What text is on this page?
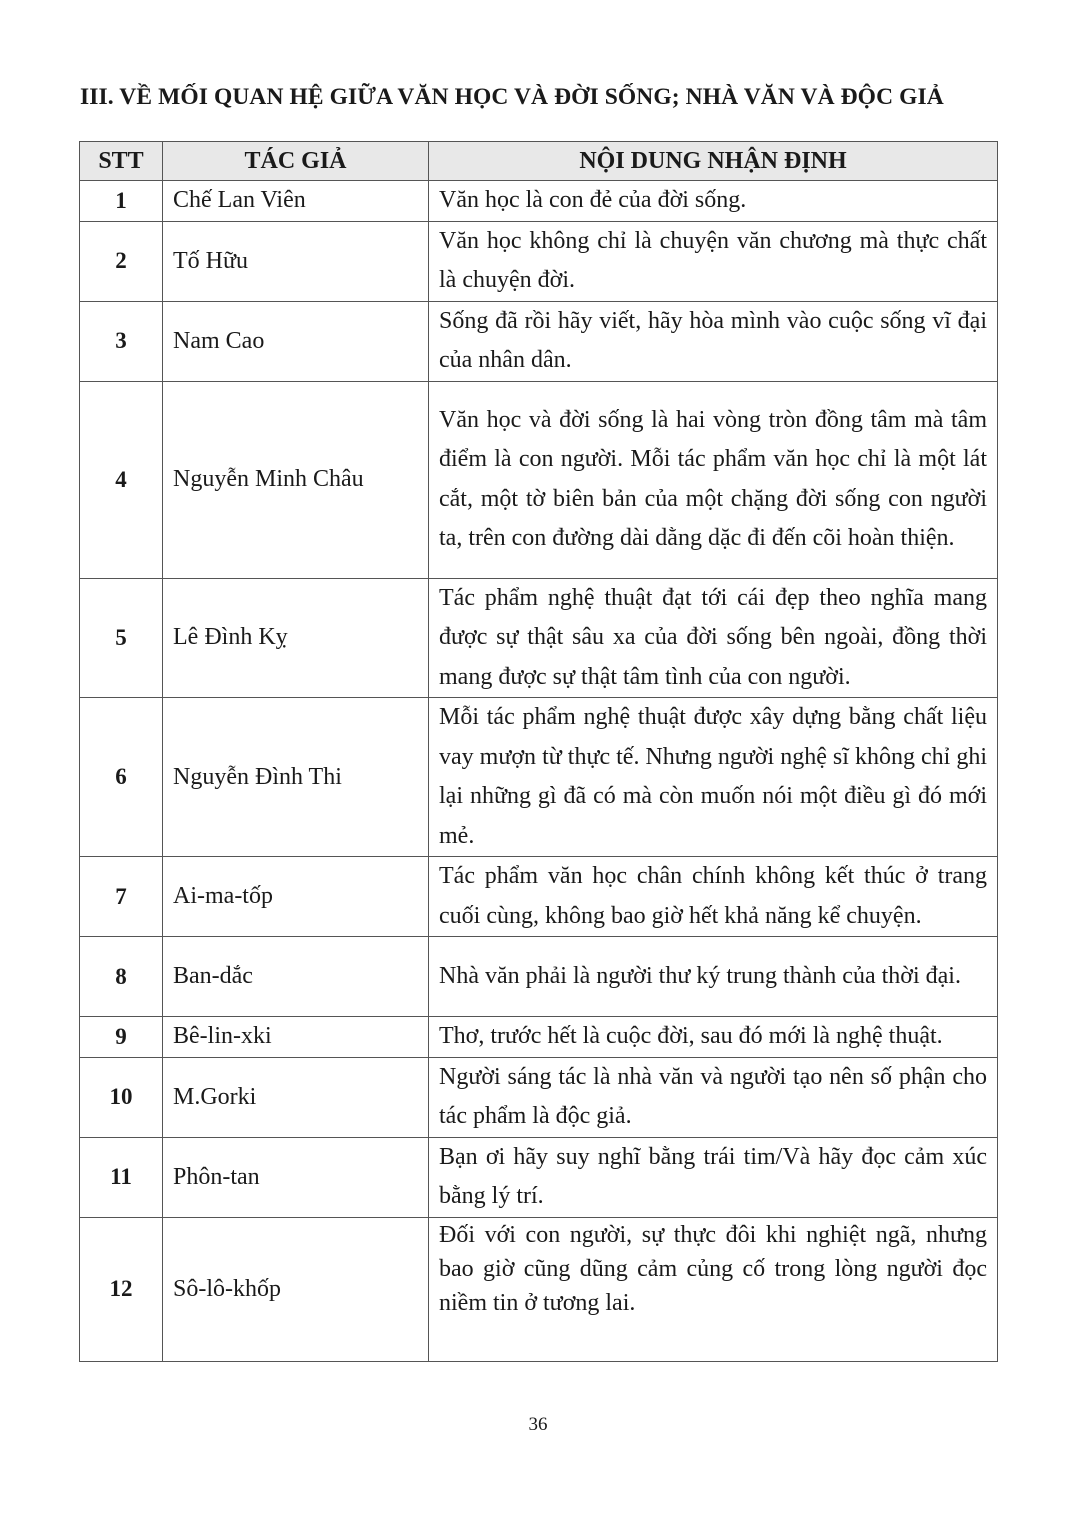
III. VỀ MỐI QUAN HỆ GIỮA VĂN HỌC VÀ ĐỜI SỐNG; NHÀ VĂN VÀ ĐỘC GIẢ
STT	TÁC GIẢ	NỘI DUNG NHẬN ĐỊNH
1	Chế Lan Viên	Văn học là con đẻ của đời sống.
2	Tố Hữu	Văn học không chỉ là chuyện văn chương mà thực chất là chuyện đời.
3	Nam Cao	Sống đã rồi hãy viết, hãy hòa mình vào cuộc sống vĩ đại của nhân dân.
4	Nguyễn Minh Châu	Văn học và đời sống là hai vòng tròn đồng tâm mà tâm điểm là con người. Mỗi tác phẩm văn học chỉ là một lát cắt, một tờ biên bản của một chặng đời sống con người ta, trên con đường dài dằng dặc đi đến cõi hoàn thiện.
5	Lê Đình Kỵ	Tác phẩm nghệ thuật đạt tới cái đẹp theo nghĩa mang được sự thật sâu xa của đời sống bên ngoài, đồng thời mang được sự thật tâm tình của con người.
6	Nguyễn Đình Thi	Mỗi tác phẩm nghệ thuật được xây dựng bằng chất liệu vay mượn từ thực tế. Nhưng người nghệ sĩ không chỉ ghi lại những gì đã có mà còn muốn nói một điều gì đó mới mẻ.
7	Ai-ma-tốp	Tác phẩm văn học chân chính không kết thúc ở trang cuối cùng, không bao giờ hết khả năng kể chuyện.
8	Ban-dắc	Nhà văn phải là người thư ký trung thành của thời đại.
9	Bê-lin-xki	Thơ, trước hết là cuộc đời, sau đó mới là nghệ thuật.
10	M.Gorki	Người sáng tác là nhà văn và người tạo nên số phận cho tác phẩm là độc giả.
11	Phôn-tan	Bạn ơi hãy suy nghĩ bằng trái tim/Và hãy đọc cảm xúc bằng lý trí.
12	Sô-lô-khốp	Đối với con người, sự thực đôi khi nghiệt ngã, nhưng bao giờ cũng dũng cảm củng cố trong lòng người đọc niềm tin ở tương lai.
36
